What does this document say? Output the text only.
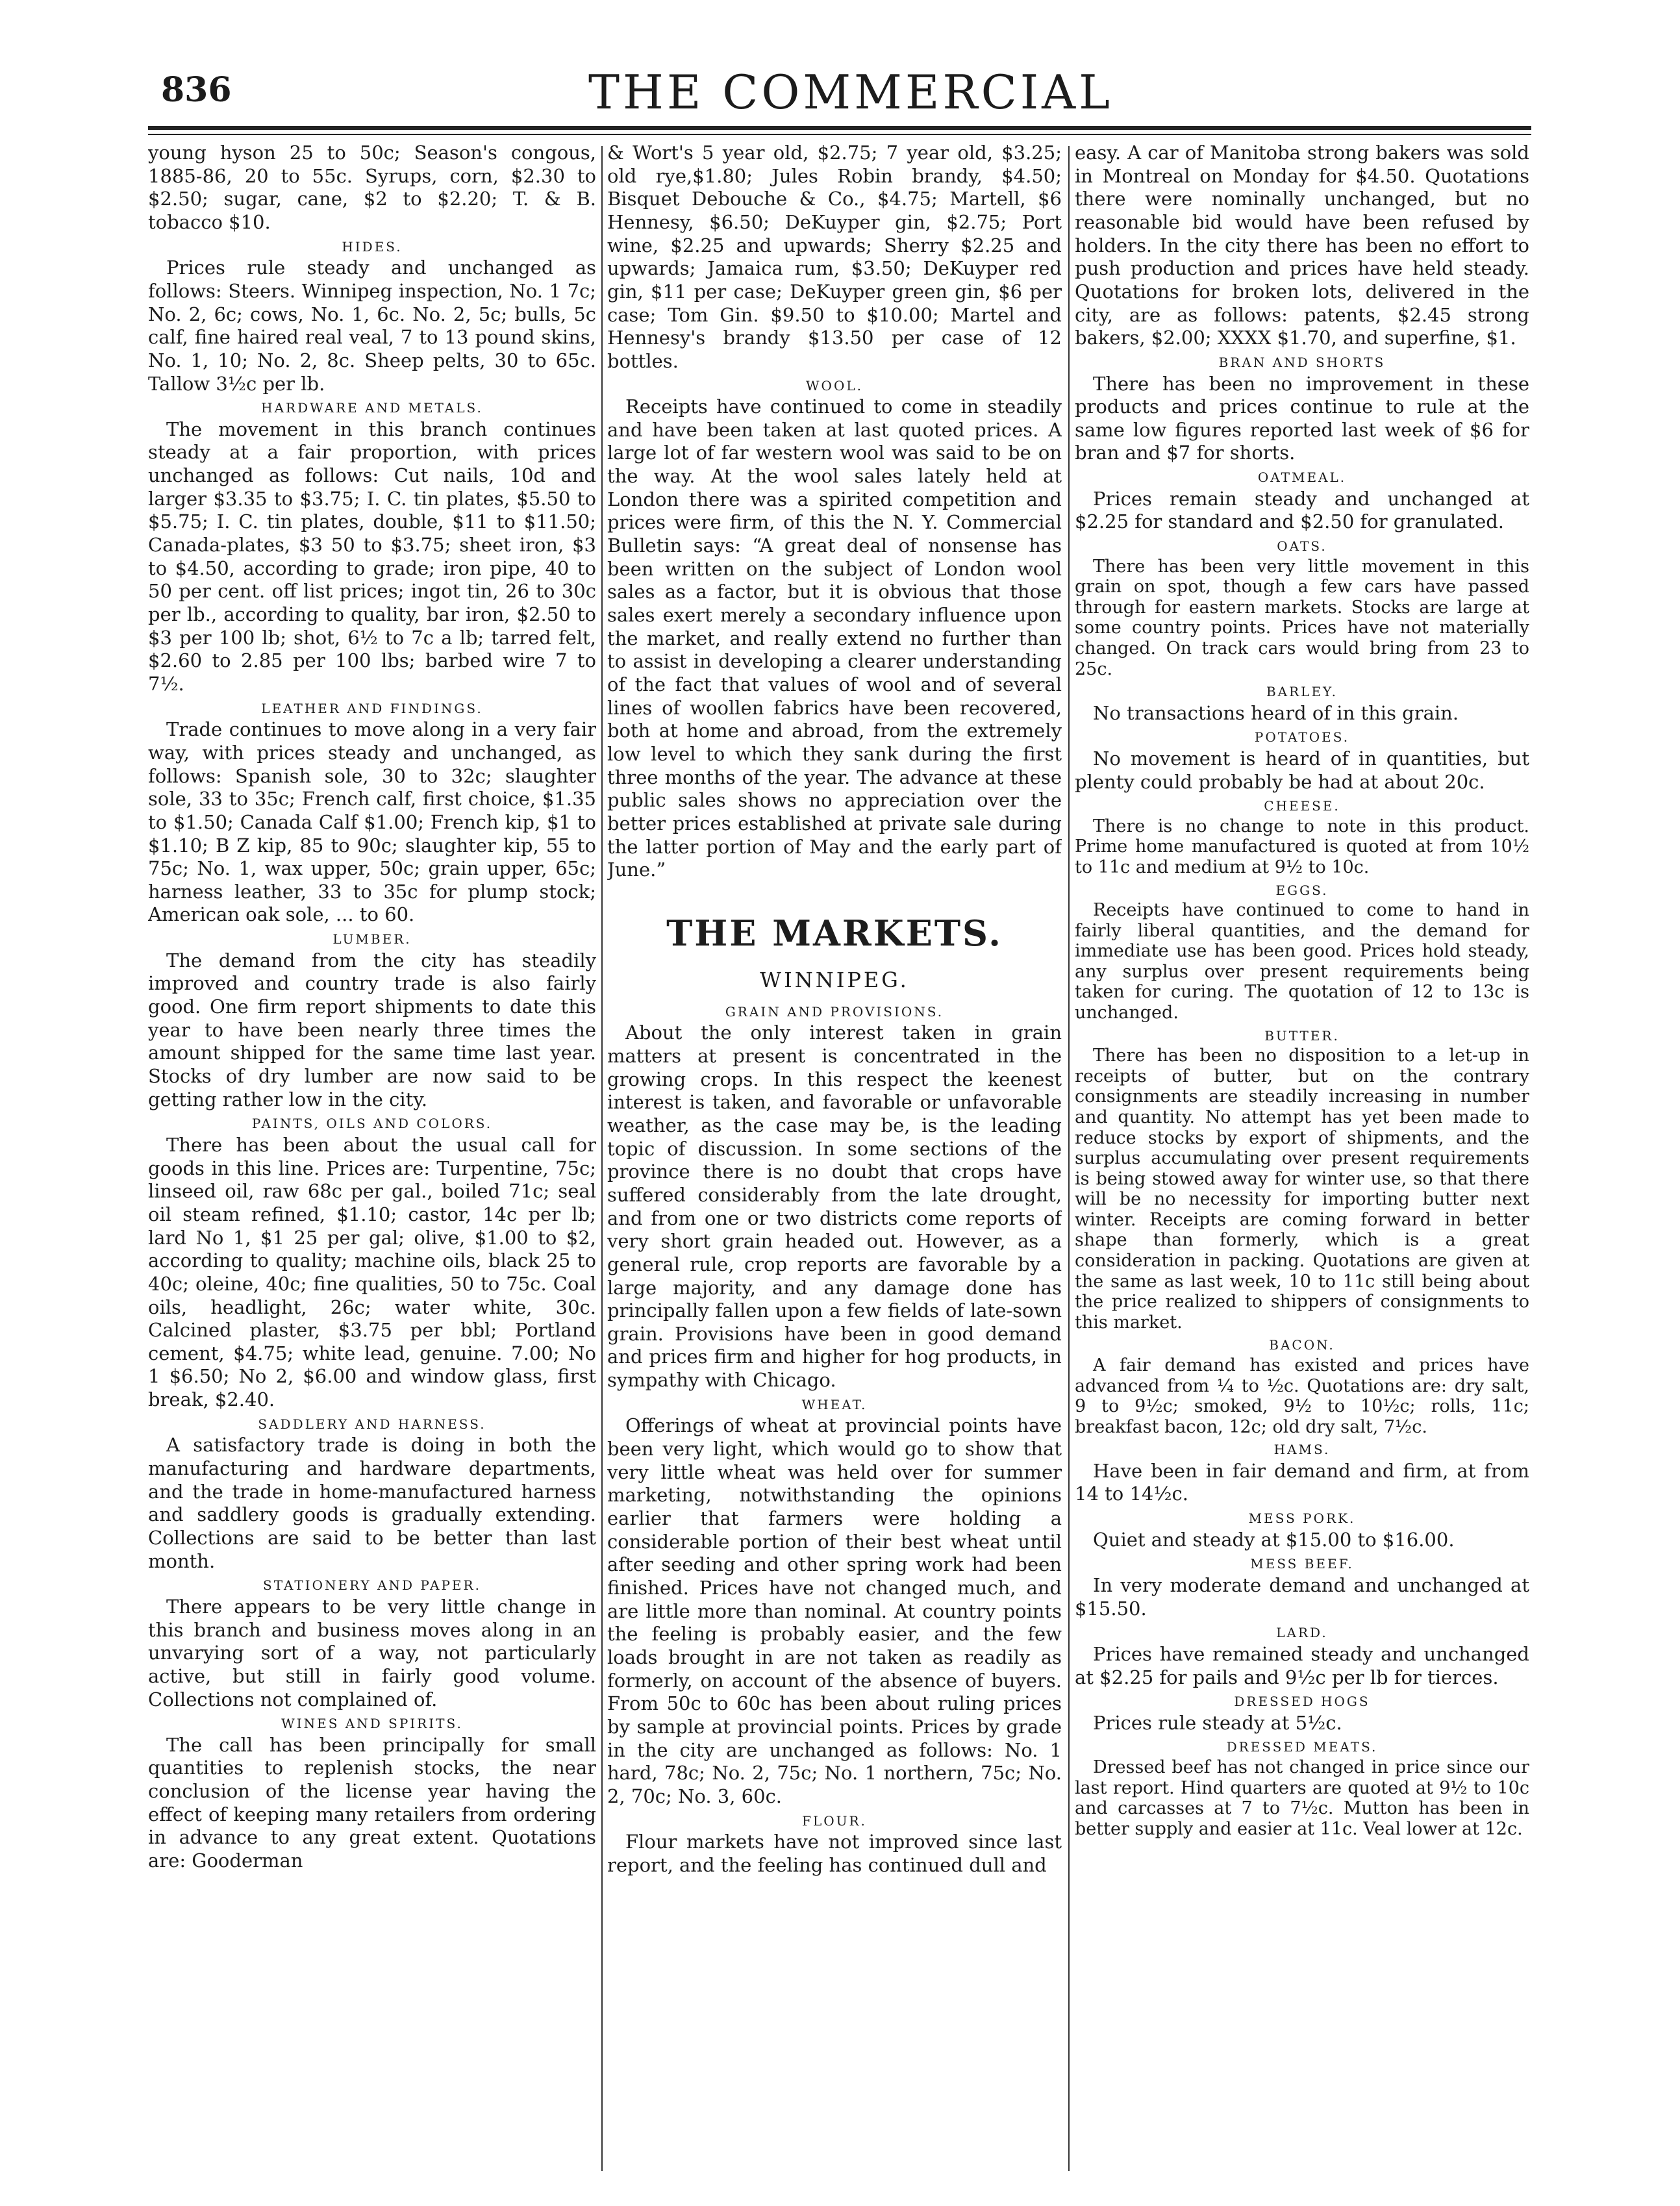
836	THE COMMERCIAL

young hyson 25 to 50c; Season's congous, 1885-86, 20 to 55c. Syrups, corn, $2.30 to $2.50; sugar, cane, $2 to $2.20; T. & B. tobacco $10.

HIDES.

Prices rule steady and unchanged as follows: Steers. Winnipeg inspection, No. 1 7c; No. 2, 6c; cows, No. 1, 6c. No. 2, 5c; bulls, 5c calf, fine haired real veal, 7 to 13 pound skins, No. 1, 10; No. 2, 8c. Sheep pelts, 30 to 65c. Tallow 3½c per lb.

HARDWARE AND METALS.

The movement in this branch continues steady at a fair proportion, with prices unchanged as follows: Cut nails, 10d and larger $3.35 to $3.75; I. C. tin plates, $5.50 to $5.75; I. C. tin plates, double, $11 to $11.50; Canada-plates, $3 50 to $3.75; sheet iron, $3 to $4.50, according to grade; iron pipe, 40 to 50 per cent. off list prices; ingot tin, 26 to 30c per lb., according to quality, bar iron, $2.50 to $3 per 100 lb; shot, 6½ to 7c a lb; tarred felt, $2.60 to 2.85 per 100 lbs; barbed wire 7 to 7½.

LEATHER AND FINDINGS.

Trade continues to move along in a very fair way, with prices steady and unchanged, as follows: Spanish sole, 30 to 32c; slaughter sole, 33 to 35c; French calf, first choice, $1.35 to $1.50; Canada Calf $1.00; French kip, $1 to $1.10; B Z kip, 85 to 90c; slaughter kip, 55 to 75c; No. 1, wax upper, 50c; grain upper, 65c; harness leather, 33 to 35c for plump stock; American oak sole, ... to 60.

LUMBER.

The demand from the city has steadily improved and country trade is also fairly good. One firm report shipments to date this year to have been nearly three times the amount shipped for the same time last year. Stocks of dry lumber are now said to be getting rather low in the city.

PAINTS, OILS AND COLORS.

There has been about the usual call for goods in this line. Prices are: Turpentine, 75c; linseed oil, raw 68c per gal., boiled 71c; seal oil steam refined, $1.10; castor, 14c per lb; lard No 1, $1 25 per gal; olive, $1.00 to $2, according to quality; machine oils, black 25 to 40c; oleine, 40c; fine qualities, 50 to 75c. Coal oils, headlight, 26c; water white, 30c. Calcined plaster, $3.75 per bbl; Portland cement, $4.75; white lead, genuine. 7.00; No 1 $6.50; No 2, $6.00 and window glass, first break, $2.40.

SADDLERY AND HARNESS.

A satisfactory trade is doing in both the manufacturing and hardware departments, and the trade in home-manufactured harness and saddlery goods is gradually extending. Collections are said to be better than last month.

STATIONERY AND PAPER.

There appears to be very little change in this branch and business moves along in an unvarying sort of a way, not particularly active, but still in fairly good volume. Collections not complained of.

WINES AND SPIRITS.

The call has been principally for small quantities to replenish stocks, the near conclusion of the license year having the effect of keeping many retailers from ordering in advance to any great extent. Quotations are: Gooderman

& Wort's 5 year old, $2.75; 7 year old, $3.25; old rye,$1.80; Jules Robin brandy, $4.50; Bisquet Debouche & Co., $4.75; Martell, $6 Hennesy, $6.50; DeKuyper gin, $2.75; Port wine, $2.25 and upwards; Sherry $2.25 and upwards; Jamaica rum, $3.50; DeKuyper red gin, $11 per case; DeKuyper green gin, $6 per case; Tom Gin. $9.50 to $10.00; Martel and Hennesy's brandy $13.50 per case of 12 bottles.

WOOL.

Receipts have continued to come in steadily and have been taken at last quoted prices. A large lot of far western wool was said to be on the way. At the wool sales lately held at London there was a spirited competition and prices were firm, of this the N. Y. Commercial Bulletin says: “A great deal of nonsense has been written on the subject of London wool sales as a factor, but it is obvious that those sales exert merely a secondary influence upon the market, and really extend no further than to assist in developing a clearer understanding of the fact that values of wool and of several lines of woollen fabrics have been recovered, both at home and abroad, from the extremely low level to which they sank during the first three months of the year. The advance at these public sales shows no appreciation over the better prices established at private sale during the latter portion of May and the early part of June.”

THE MARKETS.
WINNIPEG.
GRAIN AND PROVISIONS.

About the only interest taken in grain matters at present is concentrated in the growing crops. In this respect the keenest interest is taken, and favorable or unfavorable weather, as the case may be, is the leading topic of discussion. In some sections of the province there is no doubt that crops have suffered considerably from the late drought, and from one or two districts come reports of very short grain headed out. However, as a general rule, crop reports are favorable by a large majority, and any damage done has principally fallen upon a few fields of late-sown grain. Provisions have been in good demand and prices firm and higher for hog products, in sympathy with Chicago.

WHEAT.

Offerings of wheat at provincial points have been very light, which would go to show that very little wheat was held over for summer marketing, notwithstanding the opinions earlier that farmers were holding a considerable portion of their best wheat until after seeding and other spring work had been finished. Prices have not changed much, and are little more than nominal. At country points the feeling is probably easier, and the few loads brought in are not taken as readily as formerly, on account of the absence of buyers. From 50c to 60c has been about ruling prices by sample at provincial points. Prices by grade in the city are unchanged as follows: No. 1 hard, 78c; No. 2, 75c; No. 1 northern, 75c; No. 2, 70c; No. 3, 60c.

FLOUR.

Flour markets have not improved since last report, and the feeling has continued dull and

easy. A car of Manitoba strong bakers was sold in Montreal on Monday for $4.50. Quotations there were nominally unchanged, but no reasonable bid would have been refused by holders. In the city there has been no effort to push production and prices have held steady. Quotations for broken lots, delivered in the city, are as follows: patents, $2.45 strong bakers, $2.00; XXXX $1.70, and superfine, $1.

BRAN AND SHORTS

There has been no improvement in these products and prices continue to rule at the same low figures reported last week of $6 for bran and $7 for shorts.

OATMEAL.

Prices remain steady and unchanged at $2.25 for standard and $2.50 for granulated.

OATS.

There has been very little movement in this grain on spot, though a few cars have passed through for eastern markets. Stocks are large at some country points. Prices have not materially changed. On track cars would bring from 23 to 25c.

BARLEY.

No transactions heard of in this grain.

POTATOES.

No movement is heard of in quantities, but plenty could probably be had at about 20c.

CHEESE.

There is no change to note in this product. Prime home manufactured is quoted at from 10½ to 11c and medium at 9½ to 10c.

EGGS.

Receipts have continued to come to hand in fairly liberal quantities, and the demand for immediate use has been good. Prices hold steady, any surplus over present requirements being taken for curing. The quotation of 12 to 13c is unchanged.

BUTTER.

There has been no disposition to a let-up in receipts of butter, but on the contrary consignments are steadily increasing in number and quantity. No attempt has yet been made to reduce stocks by export of shipments, and the surplus accumulating over present requirements is being stowed away for winter use, so that there will be no necessity for importing butter next winter. Receipts are coming forward in better shape than formerly, which is a great consideration in packing. Quotations are given at the same as last week, 10 to 11c still being about the price realized to shippers of consignments to this market.

BACON.

A fair demand has existed and prices have advanced from ¼ to ½c. Quotations are: dry salt, 9 to 9½c; smoked, 9½ to 10½c; rolls, 11c; breakfast bacon, 12c; old dry salt, 7½c.

HAMS.

Have been in fair demand and firm, at from 14 to 14½c.

MESS PORK.

Quiet and steady at $15.00 to $16.00.

MESS BEEF.

In very moderate demand and unchanged at $15.50.

LARD.

Prices have remained steady and unchanged at $2.25 for pails and 9½c per lb for tierces.

DRESSED HOGS

Prices rule steady at 5½c.

DRESSED MEATS.

Dressed beef has not changed in price since our last report. Hind quarters are quoted at 9½ to 10c and carcasses at 7 to 7½c. Mutton has been in better supply and easier at 11c. Veal lower at 12c.
